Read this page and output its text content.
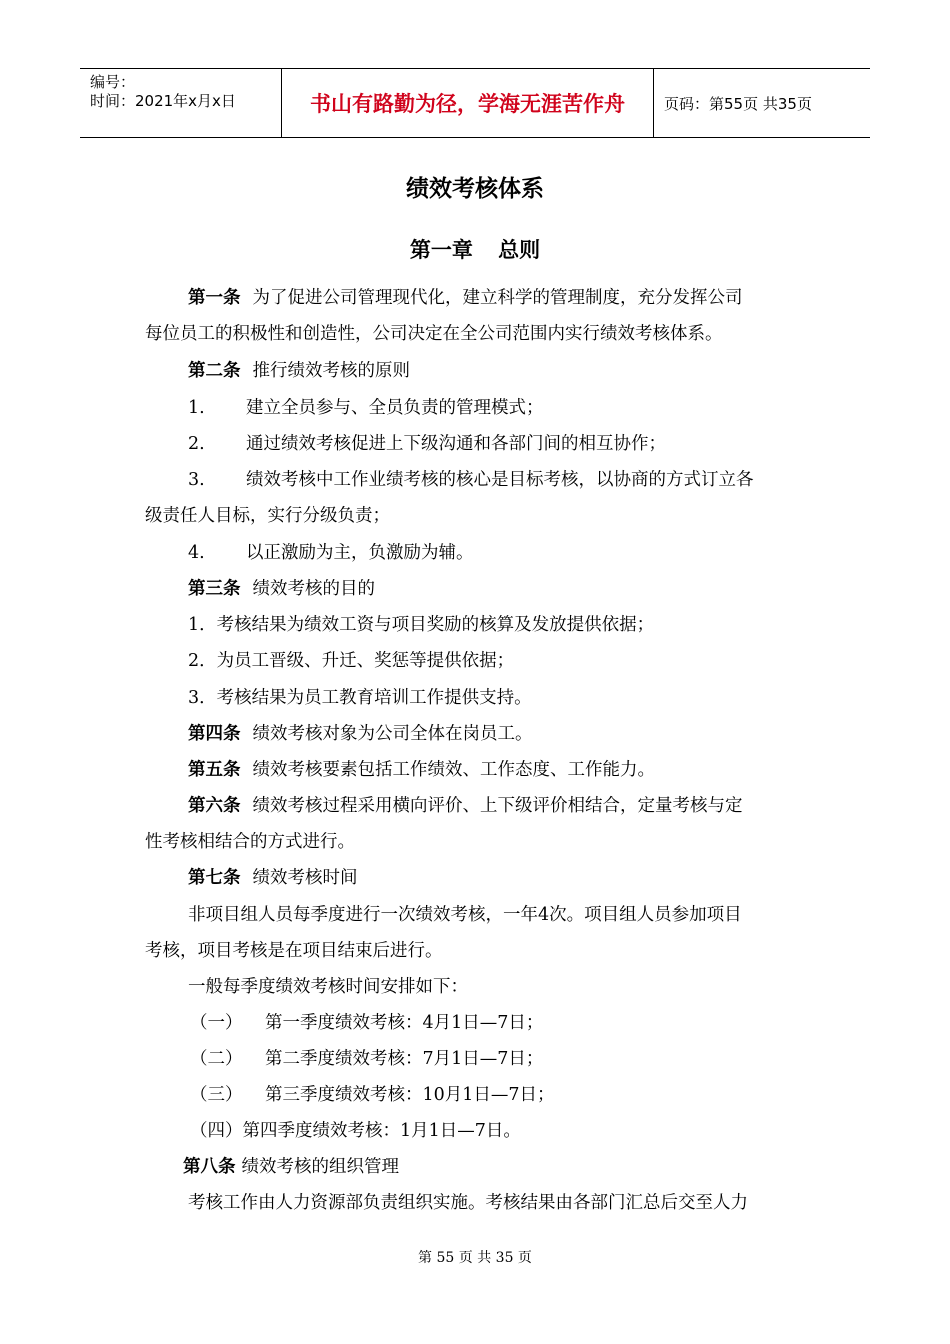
编号：
时间：2021年x月x日	书山有路勤为径，学海无涯苦作舟	页码：第55页 共35页
绩效考核体系
第一章 总则
第一条 为了促进公司管理现代化，建立科学的管理制度，充分发挥公司
每位员工的积极性和创造性，公司决定在全公司范围内实行绩效考核体系。
第二条 推行绩效考核的原则
1. 建立全员参与、全员负责的管理模式；
2. 通过绩效考核促进上下级沟通和各部门间的相互协作；
3. 绩效考核中工作业绩考核的核心是目标考核，以协商的方式订立各
级责任人目标，实行分级负责；
4. 以正激励为主，负激励为辅。
第三条 绩效考核的目的
1．考核结果为绩效工资与项目奖励的核算及发放提供依据；
2．为员工晋级、升迁、奖惩等提供依据；
3．考核结果为员工教育培训工作提供支持。
第四条 绩效考核对象为公司全体在岗员工。
第五条 绩效考核要素包括工作绩效、工作态度、工作能力。
第六条 绩效考核过程采用横向评价、上下级评价相结合，定量考核与定
性考核相结合的方式进行。
第七条 绩效考核时间
非项目组人员每季度进行一次绩效考核，一年4次。项目组人员参加项目
考核，项目考核是在项目结束后进行。
一般每季度绩效考核时间安排如下：
（一） 第一季度绩效考核：4月1日—7日；
（二） 第二季度绩效考核：7月1日—7日；
（三） 第三季度绩效考核：10月1日—7日；
（四）第四季度绩效考核：1月1日—7日。
第八条 绩效考核的组织管理
考核工作由人力资源部负责组织实施。考核结果由各部门汇总后交至人力
第 55 页 共 35 页
